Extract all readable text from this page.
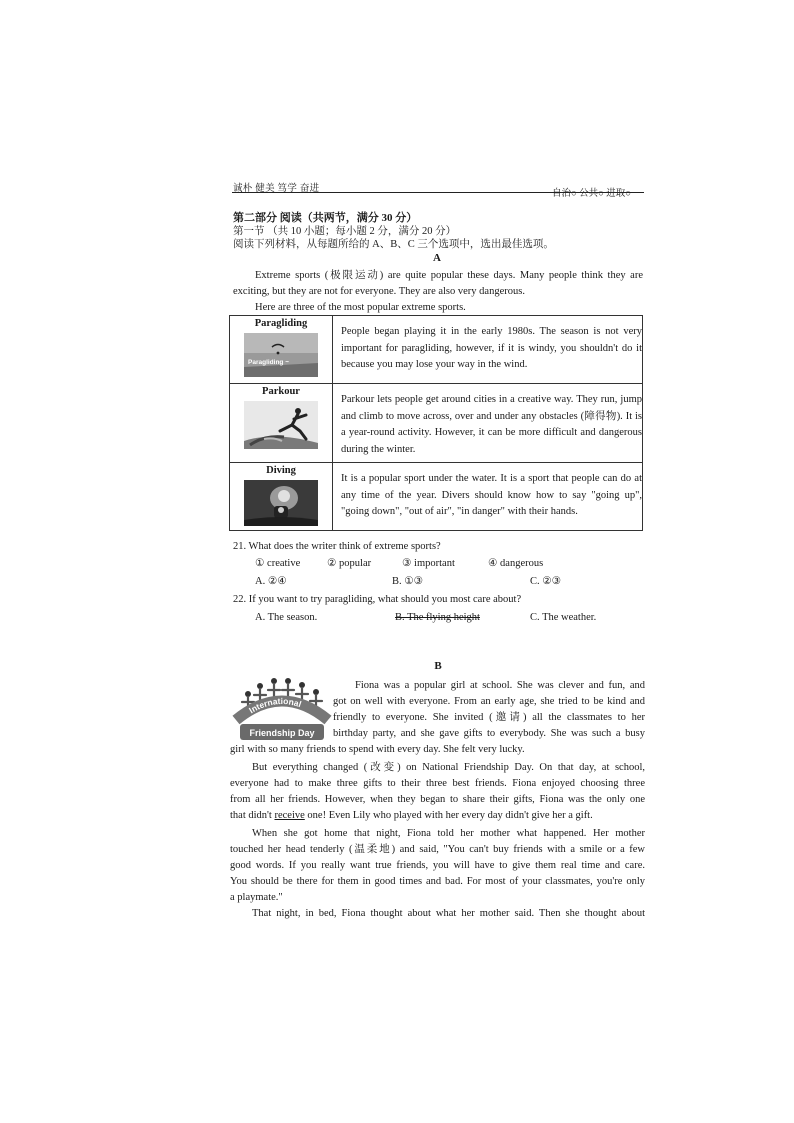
诚朴 健美 笃学 奋进	自治○ 公共○ 进取○
第二部分 阅读（共两节，满分 30 分）
第一节 （共 10 小题；每小题 2 分，满分 20 分）
阅读下列材料，从每题所给的 A、B、C 三个选项中，选出最佳选项。
A
Extreme sports (极限运动) are quite popular these days. Many people think they are exciting, but they are not for everyone. They are also very dangerous.
Here are three of the most popular extreme sports.
Paragliding
Paragliding ~	People began playing it in the early 1980s. The season is not very important for paragliding, however, if it is windy, you shouldn't do it because you may lose your way in the wind.

Parkour	Parkour lets people get around cities in a creative way. They run, jump and climb to move across, over and under any obstacles (障得物). It is a year-round activity. However, it can be more difficult and dangerous during the winter.

Diving	It is a popular sport under the water. It is a sport that people can do at any time of the year. Divers should know how to say "going up", "going down", "out of air", "in danger" with their hands.
21. What does the writer think of extreme sports?
① creative	② popular	③ important	④ dangerous
A. ②④	B. ①③	C. ②③
22. If you want to try paragliding, what should you most care about?
A. The season.	B. The flying height	C. The weather.
B
International
Friendship Day
Fiona was a popular girl at school. She was clever and fun, and
got on well with everyone. From an early age, she tried to be kind and
friendly to everyone. She invited (邀请) all the classmates to her
birthday party, and she gave gifts to everybody. She was such a busy
girl with so many friends to spend with every day. She felt very lucky.
But everything changed (改变) on National Friendship Day. On that day, at school,
everyone had to make three gifts to their three best friends. Fiona enjoyed choosing three
from all her friends. However, when they began to share their gifts, Fiona was the only one
that didn't receive one! Even Lily who played with her every day didn't give her a gift.
When she got home that night, Fiona told her mother what happened. Her mother
touched her head tenderly (温柔地) and said, "You can't buy friends with a smile or a few
good words. If you really want true friends, you will have to give them real time and care.
You should be there for them in good times and bad. For most of your classmates, you're only
a playmate."
That night, in bed, Fiona thought about what her mother said. Then she thought about
